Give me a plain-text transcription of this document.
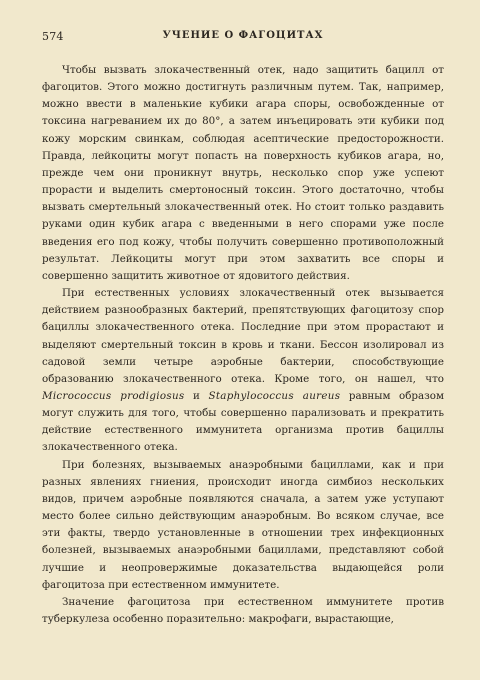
574	УЧЕНИЕ О ФАГОЦИТАХ

Чтобы вызвать злокачественный отек, надо защитить бацилл от фагоцитов. Этого можно достигнуть различным путем. Так, например, можно ввести в маленькие кубики агара споры, освобожденные от токсина нагреванием их до 80°, а затем инъецировать эти кубики под кожу морским свинкам, соблюдая асептические предосторожности. Правда, лейкоциты могут попасть на поверхность кубиков агара, но, прежде чем они проникнут внутрь, несколько спор уже успеют прорасти и выделить смертоносный токсин. Этого достаточно, чтобы вызвать смертельный злокачественный отек. Но стоит только раздавить руками один кубик агара с введенными в него спорами уже после введения его под кожу, чтобы получить совершенно противоположный результат. Лейкоциты могут при этом захватить все споры и совершенно защитить животное от ядовитого действия.

При естественных условиях злокачественный отек вызывается действием разнообразных бактерий, препятствующих фагоцитозу спор бациллы злокачественного отека. Последние при этом прорастают и выделяют смертельный токсин в кровь и ткани. Бессон изолировал из садовой земли четыре аэробные бактерии, способствующие образованию злокачественного отека. Кроме того, он нашел, что Micrococcus prodigiosus и Staphylococcus aureus равным образом могут служить для того, чтобы совершенно парализовать и прекратить действие естественного иммунитета организма против бациллы злокачественного отека.

При болезнях, вызываемых анаэробными бациллами, как и при разных явлениях гниения, происходит иногда симбиоз нескольких видов, причем аэробные появляются сначала, а затем уже уступают место более сильно действующим анаэробным. Во всяком случае, все эти факты, твердо установленные в отношении трех инфекционных болезней, вызываемых анаэробными бациллами, представляют собой лучшие и неопровержимые доказательства выдающейся роли фагоцитоза при естественном иммунитете.

Значение фагоцитоза при естественном иммунитете против туберкулеза особенно поразительно: макрофаги, вырастающие,
